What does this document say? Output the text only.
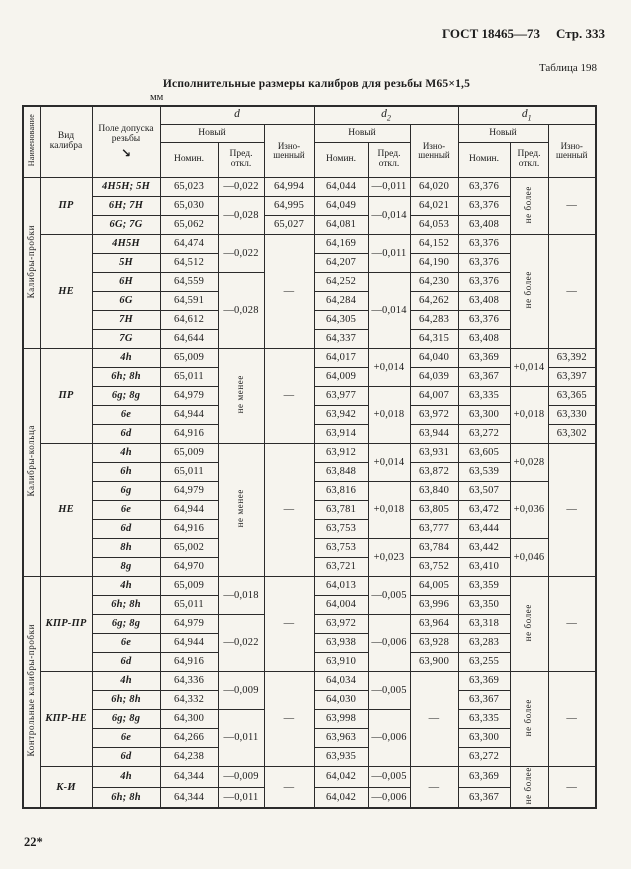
ГОСТ 18465—73 Стр. 333
Таблица 198
Исполнительные размеры калибров для резьбы М65×1,5
мм
Наименование	Вид калибра	Поле допуска резьбы
↘	d			$d_2$			$d_1$
			Новый		Изно-шенный	Новый		Изно-шенный	Новый		Изно-шенный
			Номин.	Пред. откл.		Номин.	Пред. откл.		Номин.	Пред. откл.	
Калибры-пробки	ПР	4H5H; 5H	65,023	—0,022	64,994	64,044	—0,011	64,020	63,376	не более	—
		6H; 7H	65,030	—0,028	64,995	64,049	—0,014	64,021	63,376		
		6G; 7G	65,062		65,027	64,081		64,053	63,408		
	НЕ	4H5H	64,474	—0,022	—	64,169	—0,011	64,152	63,376	не более	—
		5H	64,512			64,207		64,190	63,376		
		6H	64,559	—0,028		64,252	—0,014	64,230	63,376		
		6G	64,591			64,284		64,262	63,408		
		7H	64,612			64,305		64,283	63,376		
		7G	64,644			64,337		64,315	63,408		
Калибры-кольца	ПР	4h	65,009	не менее	—	64,017	+0,014	64,040	63,369	+0,014	63,392
		6h; 8h	65,011			64,009		64,039	63,367		63,397
		6g; 8g	64,979			63,977	+0,018	64,007	63,335	+0,018	63,365
		6e	64,944			63,942		63,972	63,300		63,330
		6d	64,916			63,914		63,944	63,272		63,302
	НЕ	4h	65,009	не менее	—	63,912	+0,014	63,931	63,605	+0,028	—
		6h	65,011			63,848		63,872	63,539		
		6g	64,979			63,816	+0,018	63,840	63,507	+0,036	
		6e	64,944			63,781		63,805	63,472		
		6d	64,916			63,753		63,777	63,444		
		8h	65,002			63,753	+0,023	63,784	63,442	+0,046	
		8g	64,970			63,721		63,752	63,410		
Контрольные калибры-пробки	КПР-ПР	4h	65,009	—0,018	—	64,013	—0,005	64,005	63,359	не более	—
		6h; 8h	65,011			64,004		63,996	63,350		
		6g; 8g	64,979	—0,022		63,972	—0,006	63,964	63,318		
		6e	64,944			63,938		63,928	63,283		
		6d	64,916			63,910		63,900	63,255		
	КПР-НЕ	4h	64,336	—0,009	—	64,034	—0,005	—	63,369	не более	—
		6h; 8h	64,332			64,030			63,367		
		6g; 8g	64,300	—0,011		63,998	—0,006		63,335		
		6e	64,266			63,963			63,300		
		6d	64,238			63,935			63,272		
	К-И	4h	64,344	—0,009	—	64,042	—0,005	—	63,369	не более	—
		6h; 8h	64,344	—0,011		64,042	—0,006		63,367		
22*
